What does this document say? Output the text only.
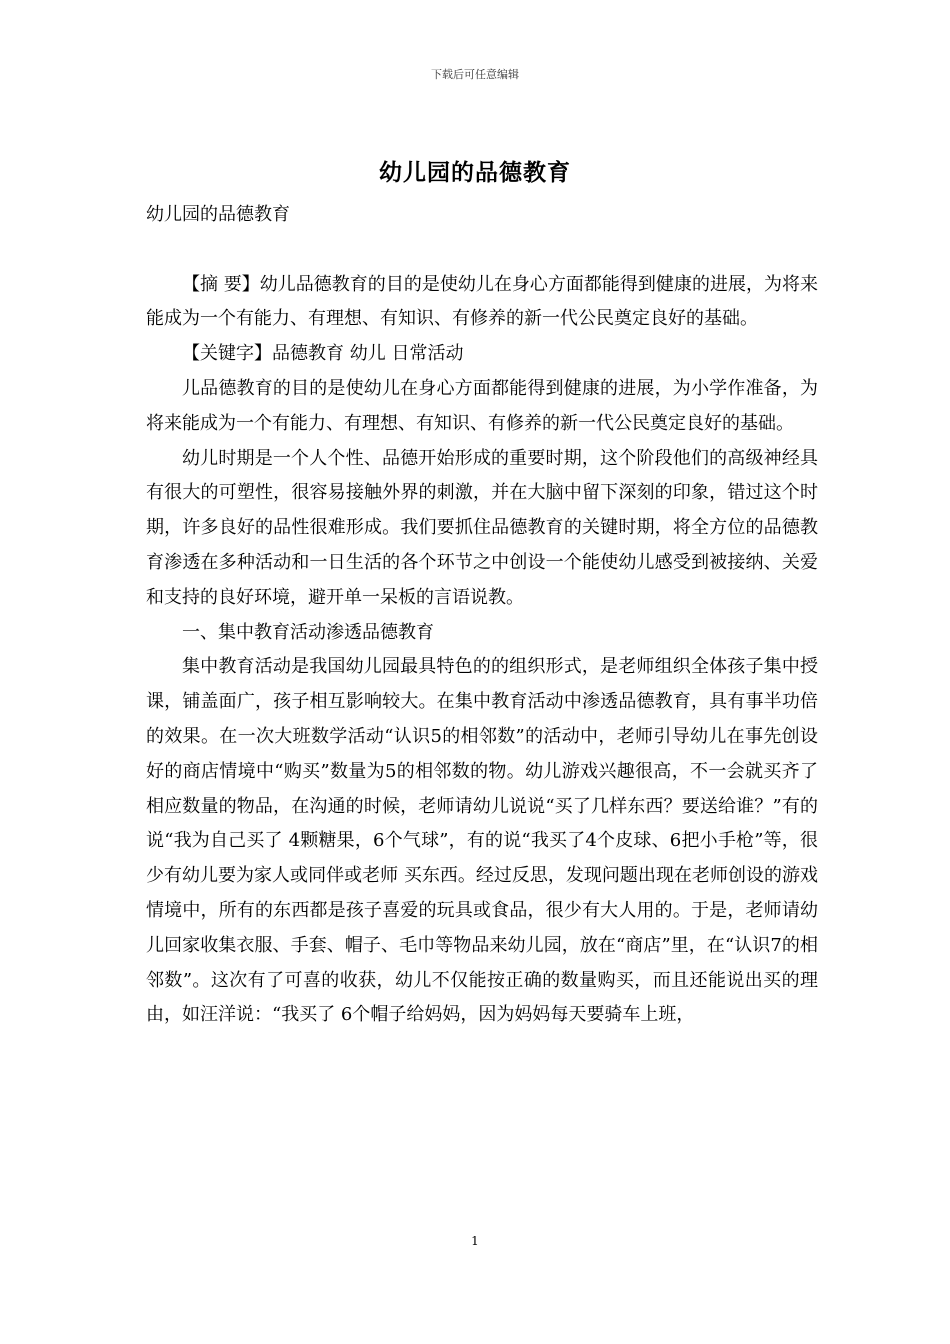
下载后可任意编辑
幼儿园的品德教育

幼儿园的品德教育

【摘 要】幼儿品德教育的目的是使幼儿在身心方面都能得到健康的进展，为将来能成为一个有能力、有理想、有知识、有修养的新一代公民奠定良好的基础。

【关键字】品德教育 幼儿 日常活动

儿品德教育的目的是使幼儿在身心方面都能得到健康的进展，为小学作准备，为将来能成为一个有能力、有理想、有知识、有修养的新一代公民奠定良好的基础。

幼儿时期是一个人个性、品德开始形成的重要时期，这个阶段他们的高级神经具有很大的可塑性，很容易接触外界的刺激，并在大脑中留下深刻的印象，错过这个时期，许多良好的品性很难形成。我们要抓住品德教育的关键时期，将全方位的品德教育渗透在多种活动和一日生活的各个环节之中创设一个能使幼儿感受到被接纳、关爱和支持的良好环境，避开单一呆板的言语说教。

一、集中教育活动渗透品德教育

集中教育活动是我国幼儿园最具特色的的组织形式，是老师组织全体孩子集中授课，铺盖面广，孩子相互影响较大。在集中教育活动中渗透品德教育，具有事半功倍的效果。在一次大班数学活动“认识5的相邻数”的活动中，老师引导幼儿在事先创设好的商店情境中“购买”数量为5的相邻数的物。幼儿游戏兴趣很高，不一会就买齐了相应数量的物品，在沟通的时候，老师请幼儿说说“买了几样东西？要送给谁？”有的说“我为自己买了 4颗糖果，6个气球”，有的说“我买了4个皮球、6把小手枪”等，很少有幼儿要为家人或同伴或老师 买东西。经过反思，发现问题出现在老师创设的游戏情境中，所有的东西都是孩子喜爱的玩具或食品，很少有大人用的。于是，老师请幼儿回家收集衣服、手套、帽子、毛巾等物品来幼儿园，放在“商店”里，在“认识7的相邻数”。这次有了可喜的收获，幼儿不仅能按正确的数量购买，而且还能说出买的理由，如汪洋说：“我买了 6个帽子给妈妈，因为妈妈每天要骑车上班，

1
